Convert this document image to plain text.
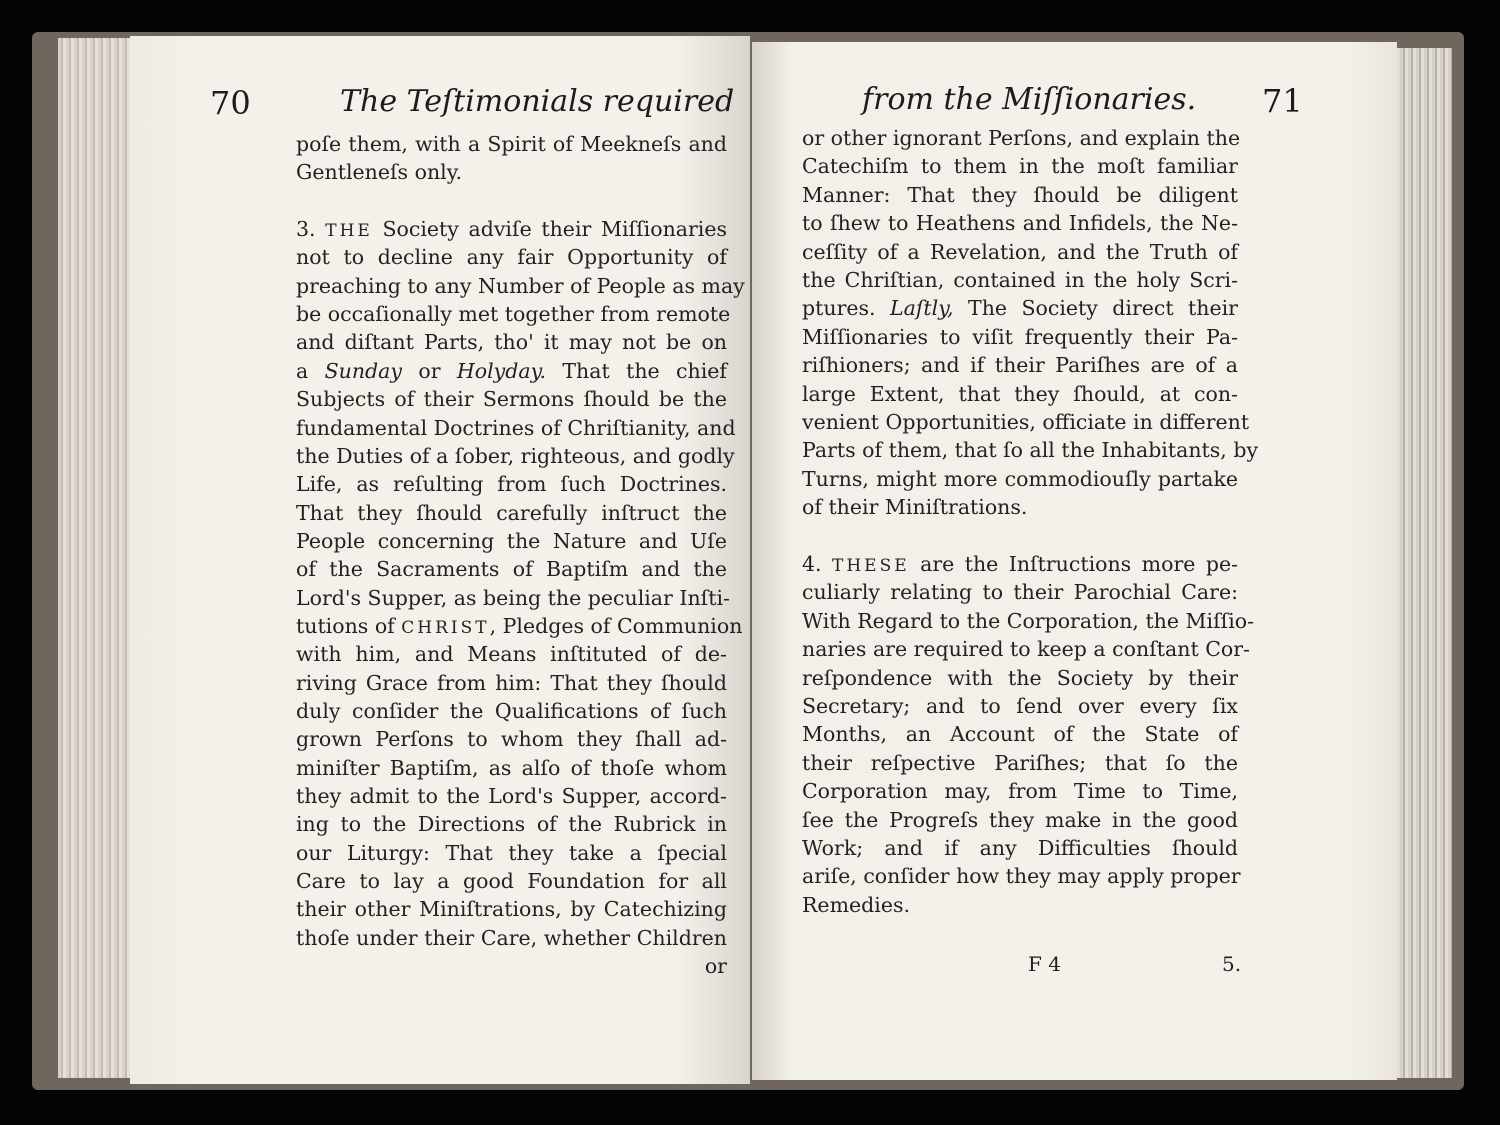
70	The Teſtimonials required	from the Miſſionaries. 71
poſe them, with a Spirit of Meekneſs and
Gentleneſs only.
3. THE Society adviſe their Miſſionaries
not to decline any fair Opportunity of
preaching to any Number of People as may
be occaſionally met together from remote
and diſtant Parts, tho' it may not be on
a Sunday or Holyday. That the chief
Subjects of their Sermons ſhould be the
fundamental Doctrines of Chriſtianity, and
the Duties of a ſober, righteous, and godly
Life, as reſulting from ſuch Doctrines.
That they ſhould carefully inſtruct the
People concerning the Nature and Uſe
of the Sacraments of Baptiſm and the
Lord's Supper, as being the peculiar Inſti-
tutions of CHRIST, Pledges of Communion
with him, and Means inſtituted of de-
riving Grace from him: That they ſhould
duly conſider the Qualifications of ſuch
grown Perſons to whom they ſhall ad-
miniſter Baptiſm, as alſo of thoſe whom
they admit to the Lord's Supper, accord-
ing to the Directions of the Rubrick in
our Liturgy: That they take a ſpecial
Care to lay a good Foundation for all
their other Miniſtrations, by Catechizing
thoſe under their Care, whether Children
or
or other ignorant Perſons, and explain the
Catechiſm to them in the moſt familiar
Manner: That they ſhould be diligent
to ſhew to Heathens and Infidels, the Ne-
ceſſity of a Revelation, and the Truth of
the Chriſtian, contained in the holy Scri-
ptures. Laſtly, The Society direct their
Miſſionaries to viſit frequently their Pa-
riſhioners; and if their Pariſhes are of a
large Extent, that they ſhould, at con-
venient Opportunities, officiate in different
Parts of them, that ſo all the Inhabitants, by
Turns, might more commodiouſly partake
of their Miniſtrations.
4. THESE are the Inſtructions more pe-
culiarly relating to their Parochial Care:
With Regard to the Corporation, the Miſſio-
naries are required to keep a conſtant Cor-
reſpondence with the Society by their
Secretary; and to ſend over every ſix
Months, an Account of the State of
their reſpective Pariſhes; that ſo the
Corporation may, from Time to Time,
ſee the Progreſs they make in the good
Work; and if any Difficulties ſhould
ariſe, conſider how they may apply proper
Remedies.
F 4	5.
